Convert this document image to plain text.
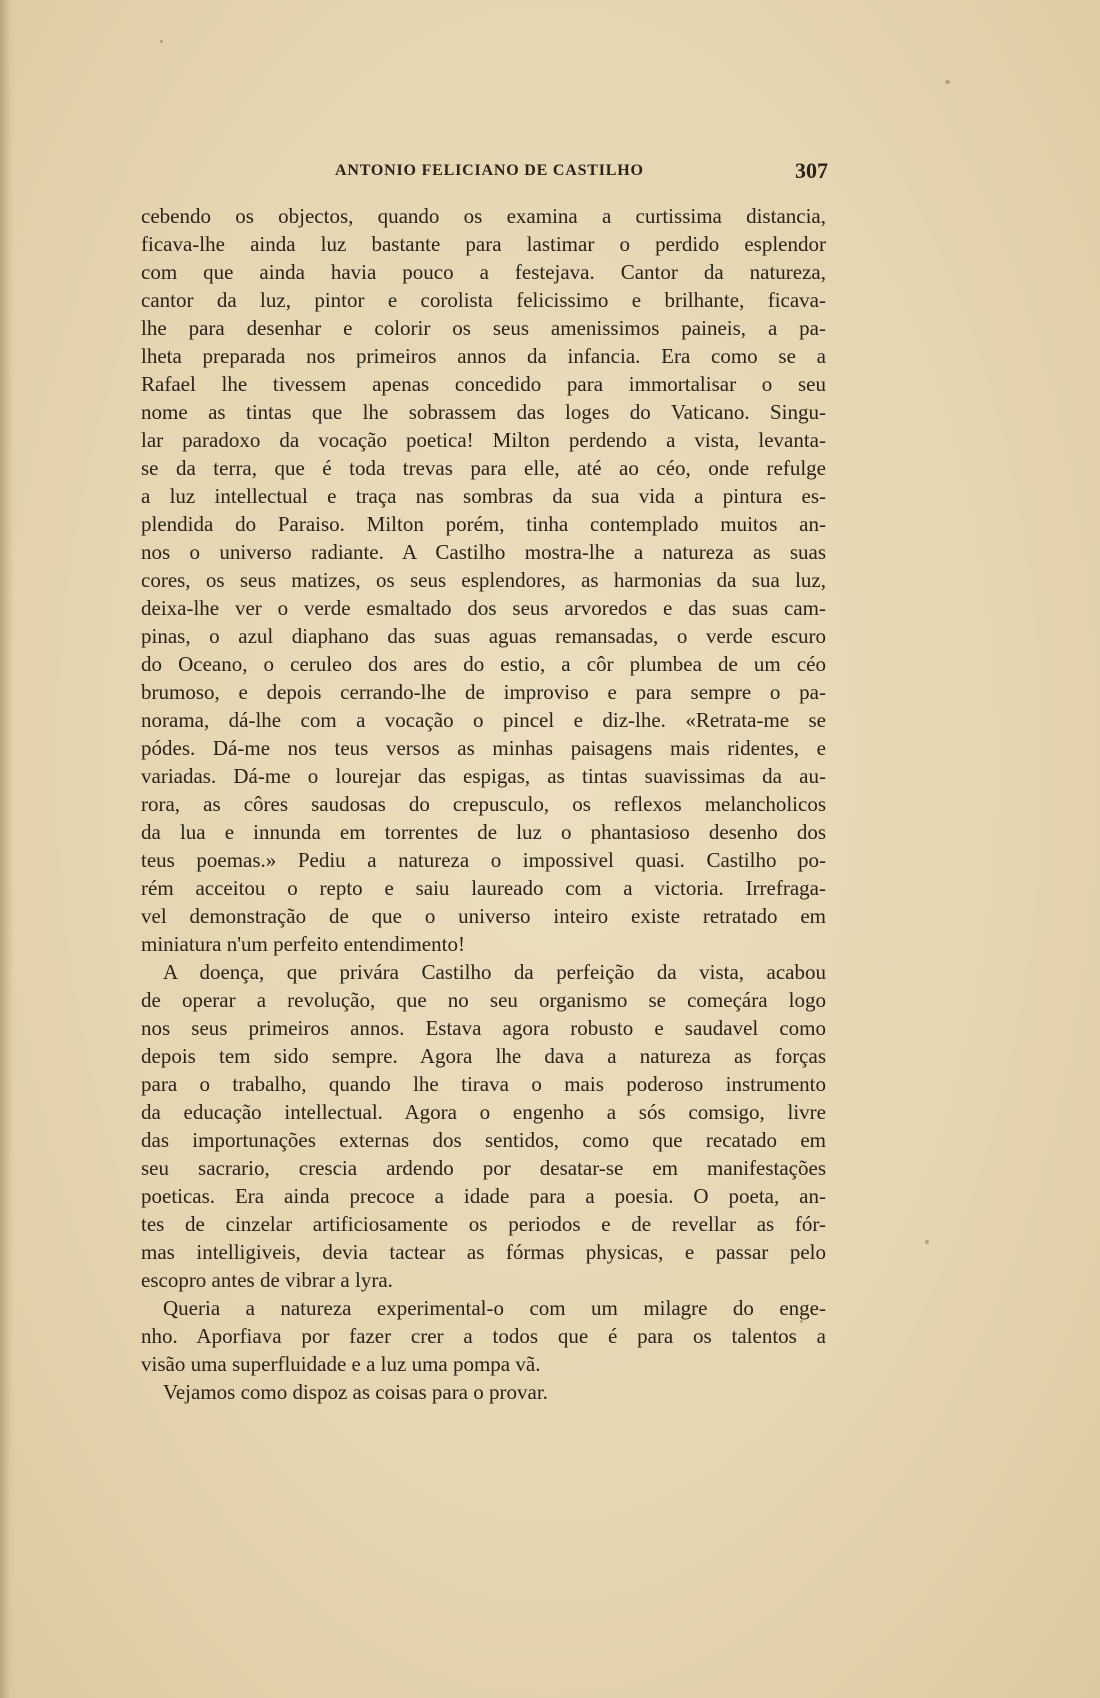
ANTONIO FELICIANO DE CASTILHO	307
cebendo os objectos, quando os examina a curtissima distancia,
ficava-lhe ainda luz bastante para lastimar o perdido esplendor
com que ainda havia pouco a festejava. Cantor da natureza,
cantor da luz, pintor e corolista felicissimo e brilhante, ficava-
lhe para desenhar e colorir os seus amenissimos paineis, a pa-
lheta preparada nos primeiros annos da infancia. Era como se a
Rafael lhe tivessem apenas concedido para immortalisar o seu
nome as tintas que lhe sobrassem das loges do Vaticano. Singu-
lar paradoxo da vocação poetica! Milton perdendo a vista, levanta-
se da terra, que é toda trevas para elle, até ao céo, onde refulge
a luz intellectual e traça nas sombras da sua vida a pintura es-
plendida do Paraiso. Milton porém, tinha contemplado muitos an-
nos o universo radiante. A Castilho mostra-lhe a natureza as suas
cores, os seus matizes, os seus esplendores, as harmonias da sua luz,
deixa-lhe ver o verde esmaltado dos seus arvoredos e das suas cam-
pinas, o azul diaphano das suas aguas remansadas, o verde escuro
do Oceano, o ceruleo dos ares do estio, a côr plumbea de um céo
brumoso, e depois cerrando-lhe de improviso e para sempre o pa-
norama, dá-lhe com a vocação o pincel e diz-lhe. «Retrata-me se
pódes. Dá-me nos teus versos as minhas paisagens mais ridentes, e
variadas. Dá-me o lourejar das espigas, as tintas suavissimas da au-
rora, as côres saudosas do crepusculo, os reflexos melancholicos
da lua e innunda em torrentes de luz o phantasioso desenho dos
teus poemas.» Pediu a natureza o impossivel quasi. Castilho po-
rém acceitou o repto e saiu laureado com a victoria. Irrefraga-
vel demonstração de que o universo inteiro existe retratado em
miniatura n'um perfeito entendimento!
A doença, que privára Castilho da perfeição da vista, acabou
de operar a revolução, que no seu organismo se começára logo
nos seus primeiros annos. Estava agora robusto e saudavel como
depois tem sido sempre. Agora lhe dava a natureza as forças
para o trabalho, quando lhe tirava o mais poderoso instrumento
da educação intellectual. Agora o engenho a sós comsigo, livre
das importunações externas dos sentidos, como que recatado em
seu sacrario, crescia ardendo por desatar-se em manifestações
poeticas. Era ainda precoce a idade para a poesia. O poeta, an-
tes de cinzelar artificiosamente os periodos e de revellar as fór-
mas intelligiveis, devia tactear as fórmas physicas, e passar pelo
escopro antes de vibrar a lyra.
Queria a natureza experimental-o com um milagre do enge-
nho. Aporfiava por fazer crer a todos que é para os talentos a
visão uma superfluidade e a luz uma pompa vã.
Vejamos como dispoz as coisas para o provar.
